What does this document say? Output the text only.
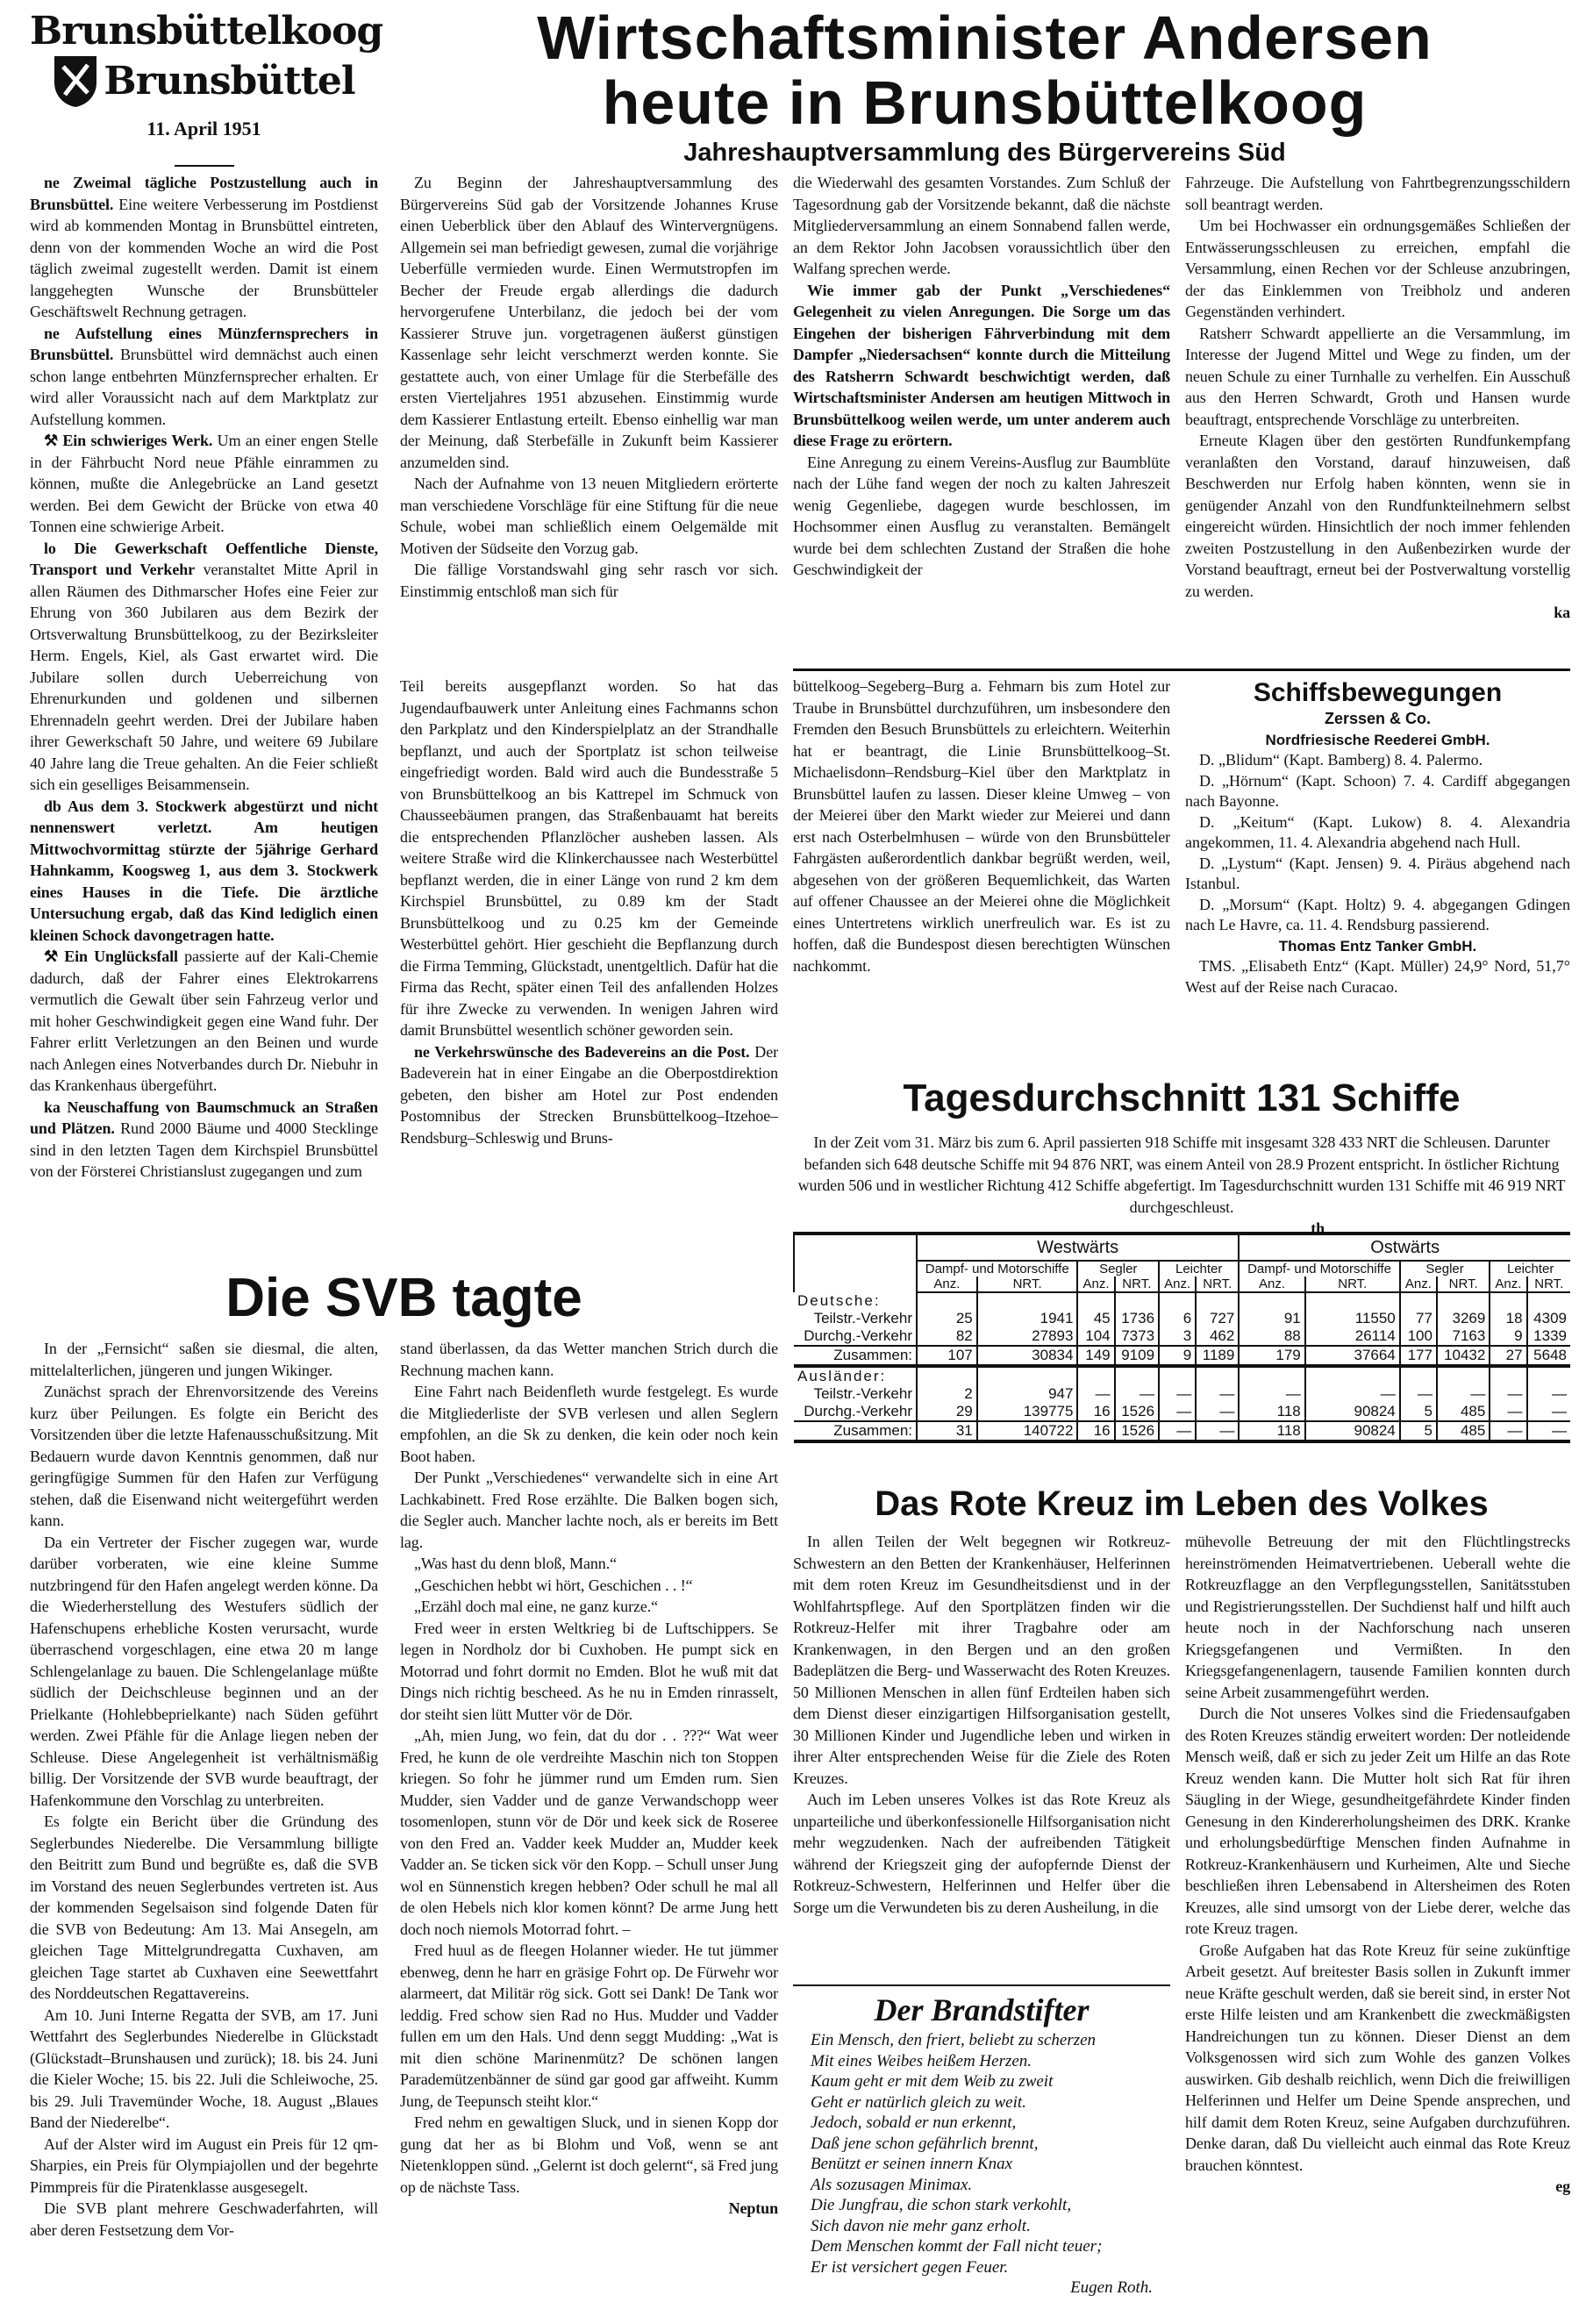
Brunsbüttelkoog
Brunsbüttel
11. April 1951
Wirtschaftsminister Andersen
heute in Brunsbüttelkoog
Jahreshauptversammlung des Bürgervereins Süd

ne Zweimal tägliche Postzustellung auch in Brunsbüttel. Eine weitere Verbesserung im Postdienst wird ab kommenden Montag in Brunsbüttel eintreten, denn von der kommenden Woche an wird die Post täglich zweimal zugestellt werden. Damit ist einem langgehegten Wunsche der Brunsbütteler Geschäftswelt Rechnung getragen.

ne Aufstellung eines Münzfernsprechers in Brunsbüttel. Brunsbüttel wird demnächst auch einen schon lange entbehrten Münzfernsprecher erhalten. Er wird aller Voraussicht nach auf dem Marktplatz zur Aufstellung kommen.

⚒ Ein schwieriges Werk. Um an einer engen Stelle in der Fährbucht Nord neue Pfähle einrammen zu können, mußte die Anlegebrücke an Land gesetzt werden. Bei dem Gewicht der Brücke von etwa 40 Tonnen eine schwierige Arbeit.

lo Die Gewerkschaft Oeffentliche Dienste, Transport und Verkehr veranstaltet Mitte April in allen Räumen des Dithmarscher Hofes eine Feier zur Ehrung von 360 Jubilaren aus dem Bezirk der Ortsverwaltung Brunsbüttelkoog, zu der Bezirksleiter Herm. Engels, Kiel, als Gast erwartet wird. Die Jubilare sollen durch Ueberreichung von Ehrenurkunden und goldenen und silbernen Ehrennadeln geehrt werden. Drei der Jubilare haben ihrer Gewerkschaft 50 Jahre, und weitere 69 Jubilare 40 Jahre lang die Treue gehalten. An die Feier schließt sich ein geselliges Beisammensein.

db Aus dem 3. Stockwerk abgestürzt und nicht nennenswert verletzt. Am heutigen Mittwochvormittag stürzte der 5jährige Gerhard Hahnkamm, Koogsweg 1, aus dem 3. Stockwerk eines Hauses in die Tiefe. Die ärztliche Untersuchung ergab, daß das Kind lediglich einen kleinen Schock davongetragen hatte.

⚒ Ein Unglücksfall passierte auf der Kali-Chemie dadurch, daß der Fahrer eines Elektrokarrens vermutlich die Gewalt über sein Fahrzeug verlor und mit hoher Geschwindigkeit gegen eine Wand fuhr. Der Fahrer erlitt Verletzungen an den Beinen und wurde nach Anlegen eines Notverbandes durch Dr. Niebuhr in das Krankenhaus übergeführt.

ka Neuschaffung von Baumschmuck an Straßen und Plätzen. Rund 2000 Bäume und 4000 Stecklinge sind in den letzten Tagen dem Kirchspiel Brunsbüttel von der Försterei Christianslust zugegangen und zum

Zu Beginn der Jahreshauptversammlung des Bürgervereins Süd gab der Vorsitzende Johannes Kruse einen Ueberblick über den Ablauf des Wintervergnügens. Allgemein sei man befriedigt gewesen, zumal die vorjährige Ueberfülle vermieden wurde. Einen Wermutstropfen im Becher der Freude ergab allerdings die dadurch hervorgerufene Unterbilanz, die jedoch bei der vom Kassierer Struve jun. vorgetragenen äußerst günstigen Kassenlage sehr leicht verschmerzt werden konnte. Sie gestattete auch, von einer Umlage für die Sterbefälle des ersten Vierteljahres 1951 abzusehen. Einstimmig wurde dem Kassierer Entlastung erteilt. Ebenso einhellig war man der Meinung, daß Sterbefälle in Zukunft beim Kassierer anzumelden sind.

Nach der Aufnahme von 13 neuen Mitgliedern erörterte man verschiedene Vorschläge für eine Stiftung für die neue Schule, wobei man schließlich einem Oelgemälde mit Motiven der Südseite den Vorzug gab.

Die fällige Vorstandswahl ging sehr rasch vor sich. Einstimmig entschloß man sich für

die Wiederwahl des gesamten Vorstandes. Zum Schluß der Tagesordnung gab der Vorsitzende bekannt, daß die nächste Mitgliederversammlung an einem Sonnabend fallen werde, an dem Rektor John Jacobsen voraussichtlich über den Walfang sprechen werde.

Wie immer gab der Punkt „Verschiedenes“ Gelegenheit zu vielen Anregungen. Die Sorge um das Eingehen der bisherigen Fährverbindung mit dem Dampfer „Niedersachsen“ konnte durch die Mitteilung des Ratsherrn Schwardt beschwichtigt werden, daß Wirtschaftsminister Andersen am heutigen Mittwoch in Brunsbüttelkoog weilen werde, um unter anderem auch diese Frage zu erörtern.

Eine Anregung zu einem Vereins-Ausflug zur Baumblüte nach der Lühe fand wegen der noch zu kalten Jahreszeit wenig Gegenliebe, dagegen wurde beschlossen, im Hochsommer einen Ausflug zu veranstalten. Bemängelt wurde bei dem schlechten Zustand der Straßen die hohe Geschwindigkeit der

Fahrzeuge. Die Aufstellung von Fahrtbegrenzungsschildern soll beantragt werden.

Um bei Hochwasser ein ordnungsgemäßes Schließen der Entwässerungsschleusen zu erreichen, empfahl die Versammlung, einen Rechen vor der Schleuse anzubringen, der das Einklemmen von Treibholz und anderen Gegenständen verhindert.

Ratsherr Schwardt appellierte an die Versammlung, im Interesse der Jugend Mittel und Wege zu finden, um der neuen Schule zu einer Turnhalle zu verhelfen. Ein Ausschuß aus den Herren Schwardt, Groth und Hansen wurde beauftragt, entsprechende Vorschläge zu unterbreiten.

Erneute Klagen über den gestörten Rundfunkempfang veranlaßten den Vorstand, darauf hinzuweisen, daß Beschwerden nur Erfolg haben könnten, wenn sie in genügender Anzahl von den Rundfunkteilnehmern selbst eingereicht würden. Hinsichtlich der noch immer fehlenden zweiten Postzustellung in den Außenbezirken wurde der Vorstand beauftragt, erneut bei der Postverwaltung vorstellig zu werden.

ka

Teil bereits ausgepflanzt worden. So hat das Jugendaufbauwerk unter Anleitung eines Fachmanns schon den Parkplatz und den Kinderspielplatz an der Strandhalle bepflanzt, und auch der Sportplatz ist schon teilweise eingefriedigt worden. Bald wird auch die Bundesstraße 5 von Brunsbüttelkoog an bis Kattrepel im Schmuck von Chausseebäumen prangen, das Straßenbauamt hat bereits die entsprechenden Pflanzlöcher ausheben lassen. Als weitere Straße wird die Klinkerchaussee nach Westerbüttel bepflanzt werden, die in einer Länge von rund 2 km dem Kirchspiel Brunsbüttel, zu 0.89 km der Stadt Brunsbüttelkoog und zu 0.25 km der Gemeinde Westerbüttel gehört. Hier geschieht die Bepflanzung durch die Firma Temming, Glückstadt, unentgeltlich. Dafür hat die Firma das Recht, später einen Teil des anfallenden Holzes für ihre Zwecke zu verwenden. In wenigen Jahren wird damit Brunsbüttel wesentlich schöner geworden sein.

ne Verkehrswünsche des Badevereins an die Post. Der Badeverein hat in einer Eingabe an die Oberpostdirektion gebeten, den bisher am Hotel zur Post endenden Postomnibus der Strecken Brunsbüttelkoog–Itzehoe–Rendsburg–Schleswig und Bruns-

büttelkoog–Segeberg–Burg a. Fehmarn bis zum Hotel zur Traube in Brunsbüttel durchzuführen, um insbesondere den Fremden den Besuch Brunsbüttels zu erleichtern. Weiterhin hat er beantragt, die Linie Brunsbüttelkoog–St. Michaelisdonn–Rendsburg–Kiel über den Marktplatz in Brunsbüttel laufen zu lassen. Dieser kleine Umweg – von der Meierei über den Markt wieder zur Meierei und dann erst nach Osterbelmhusen – würde von den Brunsbütteler Fahrgästen außerordentlich dankbar begrüßt werden, weil, abgesehen von der größeren Bequemlichkeit, das Warten auf offener Chaussee an der Meierei ohne die Möglichkeit eines Untertretens wirklich unerfreulich war. Es ist zu hoffen, daß die Bundespost diesen berechtigten Wünschen nachkommt.

Schiffsbewegungen
Zerssen & Co.
Nordfriesische Reederei GmbH.
D. „Blidum“ (Kapt. Bamberg) 8. 4. Palermo.
D. „Hörnum“ (Kapt. Schoon) 7. 4. Cardiff abgegangen nach Bayonne.
D. „Keitum“ (Kapt. Lukow) 8. 4. Alexandria angekommen, 11. 4. Alexandria abgehend nach Hull.
D. „Lystum“ (Kapt. Jensen) 9. 4. Piräus abgehend nach Istanbul.
D. „Morsum“ (Kapt. Holtz) 9. 4. abgegangen Gdingen nach Le Havre, ca. 11. 4. Rendsburg passierend.
Thomas Entz Tanker GmbH.
TMS. „Elisabeth Entz“ (Kapt. Müller) 24,9° Nord, 51,7° West auf der Reise nach Curacao.
Tagesdurchschnitt 131 Schiffe

In der Zeit vom 31. März bis zum 6. April passierten 918 Schiffe mit insgesamt 328 433 NRT die Schleusen. Darunter befanden sich 648 deutsche Schiffe mit 94 876 NRT, was einem Anteil von 28.9 Prozent entspricht. In östlicher Richtung wurden 506 und in westlicher Richtung 412 Schiffe abgefertigt. Im Tagesdurchschnitt wurden 131 Schiffe mit 46 919 NRT durchgeschleust.

th

	Westwärts						Ostwärts					
	Dampf- und Motorschiffe		Segler		Leichter		Dampf- und Motorschiffe		Segler		Leichter	
	Anz.	NRT.	Anz.	NRT.	Anz.	NRT.	Anz.	NRT.	Anz.	NRT.	Anz.	NRT.
Deutsche:												
Teilstr.-Verkehr	25	1941	45	1736	6	727	91	11550	77	3269	18	4309
Durchg.-Verkehr	82	27893	104	7373	3	462	88	26114	100	7163	9	1339
Zusammen:	107	30834	149	9109	9	1189	179	37664	177	10432	27	5648
Ausländer:												
Teilstr.-Verkehr	2	947	—	—	—	—	—	—	—	—	—	—
Durchg.-Verkehr	29	139775	16	1526	—	—	118	90824	5	485	—	—
Zusammen:	31	140722	16	1526	—	—	118	90824	5	485	—	—
Die SVB tagte

In der „Fernsicht“ saßen sie diesmal, die alten, mittelalterlichen, jüngeren und jungen Wikinger.

Zunächst sprach der Ehrenvorsitzende des Vereins kurz über Peilungen. Es folgte ein Bericht des Vorsitzenden über die letzte Hafenausschußsitzung. Mit Bedauern wurde davon Kenntnis genommen, daß nur geringfügige Summen für den Hafen zur Verfügung stehen, daß die Eisenwand nicht weitergeführt werden kann.

Da ein Vertreter der Fischer zugegen war, wurde darüber vorberaten, wie eine kleine Summe nutzbringend für den Hafen angelegt werden könne. Da die Wiederherstellung des Westufers südlich der Hafenschupens erhebliche Kosten verursacht, wurde überraschend vorgeschlagen, eine etwa 20 m lange Schlengelanlage zu bauen. Die Schlengelanlage müßte südlich der Deichschleuse beginnen und an der Prielkante (Hohlebbeprielkante) nach Süden geführt werden. Zwei Pfähle für die Anlage liegen neben der Schleuse. Diese Angelegenheit ist verhältnismäßig billig. Der Vorsitzende der SVB wurde beauftragt, der Hafenkommune den Vorschlag zu unterbreiten.

Es folgte ein Bericht über die Gründung des Seglerbundes Niederelbe. Die Versammlung billigte den Beitritt zum Bund und begrüßte es, daß die SVB im Vorstand des neuen Seglerbundes vertreten ist. Aus der kommenden Segelsaison sind folgende Daten für die SVB von Bedeutung: Am 13. Mai Ansegeln, am gleichen Tage Mittelgrundregatta Cuxhaven, am gleichen Tage startet ab Cuxhaven eine Seewettfahrt des Norddeutschen Regattavereins.

Am 10. Juni Interne Regatta der SVB, am 17. Juni Wettfahrt des Seglerbundes Niederelbe in Glückstadt (Glückstadt–Brunshausen und zurück); 18. bis 24. Juni die Kieler Woche; 15. bis 22. Juli die Schleiwoche, 25. bis 29. Juli Travemünder Woche, 18. August „Blaues Band der Niederelbe“.

Auf der Alster wird im August ein Preis für 12 qm-Sharpies, ein Preis für Olympiajollen und der begehrte Pimmpreis für die Piratenklasse ausgesegelt.

Die SVB plant mehrere Geschwaderfahrten, will aber deren Festsetzung dem Vor-

stand überlassen, da das Wetter manchen Strich durch die Rechnung machen kann.

Eine Fahrt nach Beidenfleth wurde festgelegt. Es wurde die Mitgliederliste der SVB verlesen und allen Seglern empfohlen, an die Sk zu denken, die kein oder noch kein Boot haben.

Der Punkt „Verschiedenes“ verwandelte sich in eine Art Lachkabinett. Fred Rose erzählte. Die Balken bogen sich, die Segler auch. Mancher lachte noch, als er bereits im Bett lag.

„Was hast du denn bloß, Mann.“

„Geschichen hebbt wi hört, Geschichen . . !“

„Erzähl doch mal eine, ne ganz kurze.“

Fred weer in ersten Weltkrieg bi de Luftschippers. Se legen in Nordholz dor bi Cuxhoben. He pumpt sick en Motorrad und fohrt dormit no Emden. Blot he wuß mit dat Dings nich richtig bescheed. As he nu in Emden rinrasselt, dor steiht sien lütt Mutter vör de Dör.

„Ah, mien Jung, wo fein, dat du dor . . ???“ Wat weer Fred, he kunn de ole verdreihte Maschin nich ton Stoppen kriegen. So fohr he jümmer rund um Emden rum. Sien Mudder, sien Vadder und de ganze Verwandschopp weer tosomenlopen, stunn vör de Dör und keek sick de Roseree von den Fred an. Vadder keek Mudder an, Mudder keek Vadder an. Se ticken sick vör den Kopp. – Schull unser Jung wol en Sünnenstich kregen hebben? Oder schull he mal all de olen Hebels nich klor komen könnt? De arme Jung hett doch noch niemols Motorrad fohrt. –

Fred huul as de fleegen Holanner wieder. He tut jümmer ebenweg, denn he harr en gräsige Fohrt op. De Fürwehr wor alarmeert, dat Militär rög sick. Gott sei Dank! De Tank wor leddig. Fred schow sien Rad no Hus. Mudder und Vadder fullen em um den Hals. Und denn seggt Mudding: „Wat is mit dien schöne Marinenmütz? De schönen langen Parademützenbänner de sünd gar good gar affweiht. Kumm Jung, de Teepunsch steiht klor.“

Fred nehm en gewaltigen Sluck, und in sienen Kopp dor gung dat her as bi Blohm und Voß, wenn se ant Nietenkloppen sünd. „Gelernt ist doch gelernt“, sä Fred jung op de nächste Tass.

Neptun

Das Rote Kreuz im Leben des Volkes

In allen Teilen der Welt begegnen wir Rotkreuz-Schwestern an den Betten der Krankenhäuser, Helferinnen mit dem roten Kreuz im Gesundheitsdienst und in der Wohlfahrtspflege. Auf den Sportplätzen finden wir die Rotkreuz-Helfer mit ihrer Tragbahre oder am Krankenwagen, in den Bergen und an den großen Badeplätzen die Berg- und Wasserwacht des Roten Kreuzes. 50 Millionen Menschen in allen fünf Erdteilen haben sich dem Dienst dieser einzigartigen Hilfsorganisation gestellt, 30 Millionen Kinder und Jugendliche leben und wirken in ihrer Alter entsprechenden Weise für die Ziele des Roten Kreuzes.

Auch im Leben unseres Volkes ist das Rote Kreuz als unparteiliche und überkonfessionelle Hilfsorganisation nicht mehr wegzudenken. Nach der aufreibenden Tätigkeit während der Kriegszeit ging der aufopfernde Dienst der Rotkreuz-Schwestern, Helferinnen und Helfer über die Sorge um die Verwundeten bis zu deren Ausheilung, in die

mühevolle Betreuung der mit den Flüchtlingstrecks hereinströmenden Heimatvertriebenen. Ueberall wehte die Rotkreuzflagge an den Verpflegungsstellen, Sanitätsstuben und Registrierungsstellen. Der Suchdienst half und hilft auch heute noch in der Nachforschung nach unseren Kriegsgefangenen und Vermißten. In den Kriegsgefangenenlagern, tausende Familien konnten durch seine Arbeit zusammengeführt werden.

Durch die Not unseres Volkes sind die Friedensaufgaben des Roten Kreuzes ständig erweitert worden: Der notleidende Mensch weiß, daß er sich zu jeder Zeit um Hilfe an das Rote Kreuz wenden kann. Die Mutter holt sich Rat für ihren Säugling in der Wiege, gesundheitgefährdete Kinder finden Genesung in den Kindererholungsheimen des DRK. Kranke und erholungsbedürftige Menschen finden Aufnahme in Rotkreuz-Krankenhäusern und Kurheimen, Alte und Sieche beschließen ihren Lebensabend in Altersheimen des Roten Kreuzes, alle sind umsorgt von der Liebe derer, welche das rote Kreuz tragen.

Große Aufgaben hat das Rote Kreuz für seine zukünftige Arbeit gesetzt. Auf breitester Basis sollen in Zukunft immer neue Kräfte geschult werden, daß sie bereit sind, in erster Not erste Hilfe leisten und am Krankenbett die zweckmäßigsten Handreichungen tun zu können. Dieser Dienst an dem Volksgenossen wird sich zum Wohle des ganzen Volkes auswirken. Gib deshalb reichlich, wenn Dich die freiwilligen Helferinnen und Helfer um Deine Spende ansprechen, und hilf damit dem Roten Kreuz, seine Aufgaben durchzuführen. Denke daran, daß Du vielleicht auch einmal das Rote Kreuz brauchen könntest.

eg

Der Brandstifter
Ein Mensch, den friert, beliebt zu scherzen
Mit eines Weibes heißem Herzen.
Kaum geht er mit dem Weib zu zweit
Geht er natürlich gleich zu weit.
Jedoch, sobald er nun erkennt,
Daß jene schon gefährlich brennt,
Benützt er seinen innern Knax
Als sozusagen Minimax.
Die Jungfrau, die schon stark verkohlt,
Sich davon nie mehr ganz erholt.
Dem Menschen kommt der Fall nicht teuer;
Er ist versichert gegen Feuer.
Eugen Roth.
